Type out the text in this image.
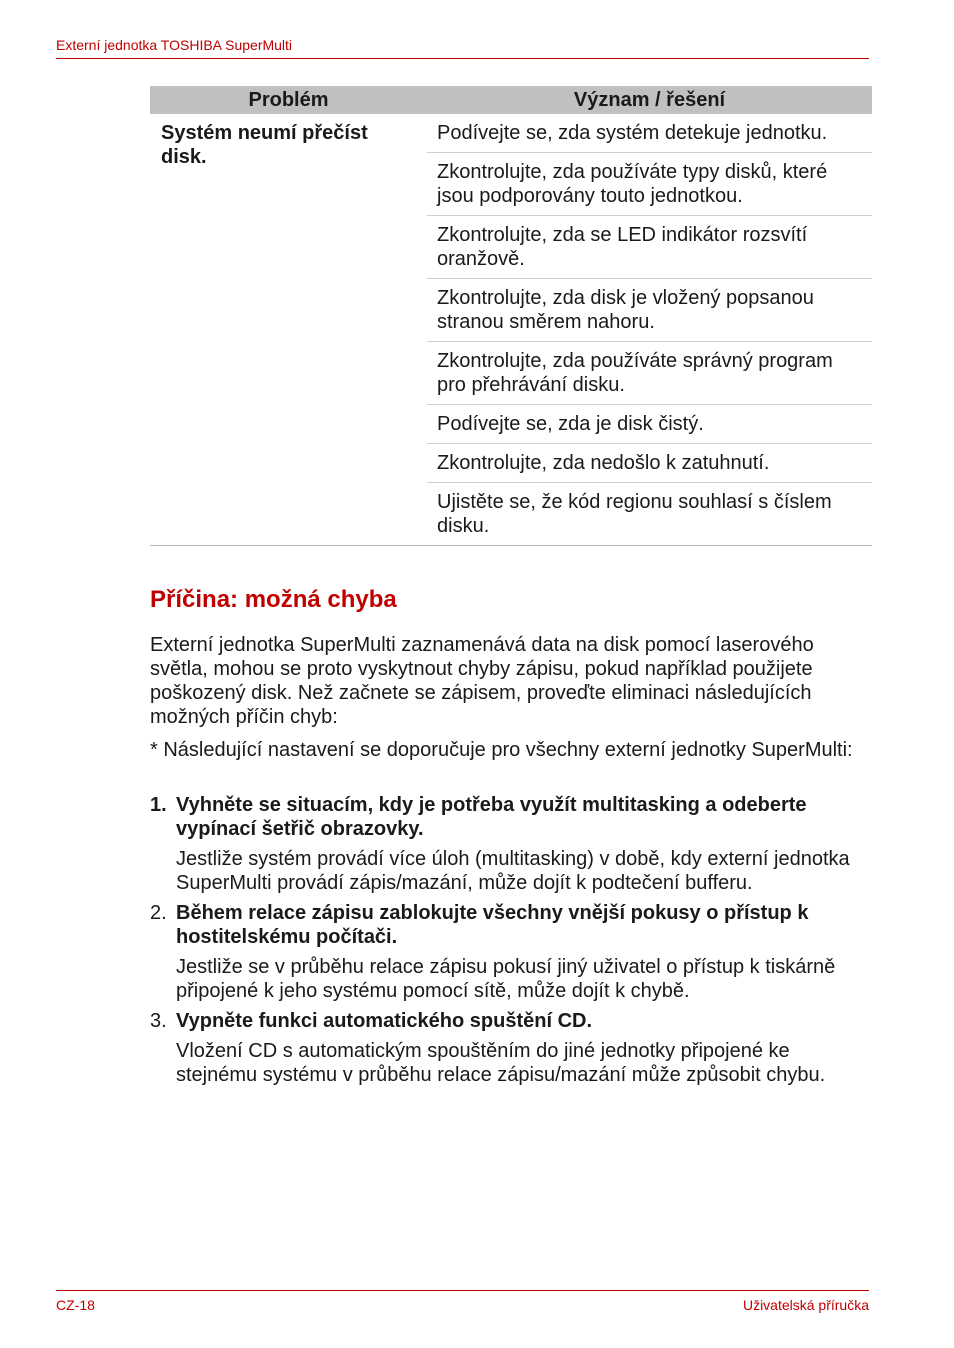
Externí jednotka TOSHIBA SuperMulti
Problém	Význam / řešení
Systém neumí přečíst disk.	Podívejte se, zda systém detekuje jednotku.
	Zkontrolujte, zda používáte typy disků, které jsou podporovány touto jednotkou.
	Zkontrolujte, zda se LED indikátor rozsvítí oranžově.
	Zkontrolujte, zda disk je vložený popsanou stranou směrem nahoru.
	Zkontrolujte, zda používáte správný program pro přehrávání disku.
	Podívejte se, zda je disk čistý.
	Zkontrolujte, zda nedošlo k zatuhnutí.
	Ujistěte se, že kód regionu souhlasí s číslem disku.
Příčina: možná chyba
Externí jednotka SuperMulti zaznamenává data na disk pomocí laserového světla, mohou se proto vyskytnout chyby zápisu, pokud například použijete poškozený disk. Než začnete se zápisem, proveďte eliminaci následujících možných příčin chyb:
* Následující nastavení se doporučuje pro všechny externí jednotky SuperMulti:
1. Vyhněte se situacím, kdy je potřeba využít multitasking a odeberte vypínací šetřič obrazovky.
Jestliže systém provádí více úloh (multitasking) v době, kdy externí jednotka SuperMulti provádí zápis/mazání, může dojít k podtečení bufferu.
2. Během relace zápisu zablokujte všechny vnější pokusy o přístup k hostitelskému počítači.
Jestliže se v průběhu relace zápisu pokusí jiný uživatel o přístup k tiskárně připojené k jeho systému pomocí sítě, může dojít k chybě.
3. Vypněte funkci automatického spuštění CD.
Vložení CD s automatickým spouštěním do jiné jednotky připojené ke stejnému systému v průběhu relace zápisu/mazání může způsobit chybu.
CZ-18	Uživatelská příručka
